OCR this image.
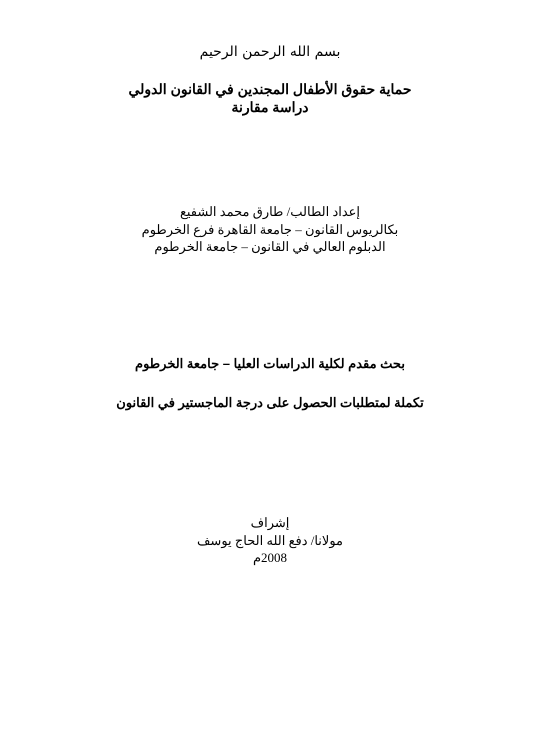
بسم الله الرحمن الرحيم
حماية حقوق الأطفال المجندين في القانون الدولي
دراسة مقارنة
إعداد الطالب/ طارق محمد الشفيع
بكالريوس القانون – جامعة القاهرة فرع الخرطوم
الدبلوم العالي في القانون – جامعة الخرطوم
بحث مقدم لكلية الدراسات العليا – جامعة الخرطوم
تكملة لمتطلبات الحصول على درجة الماجستير في القانون
إشراف
مولانا/ دفع الله الحاج يوسف
2008م
